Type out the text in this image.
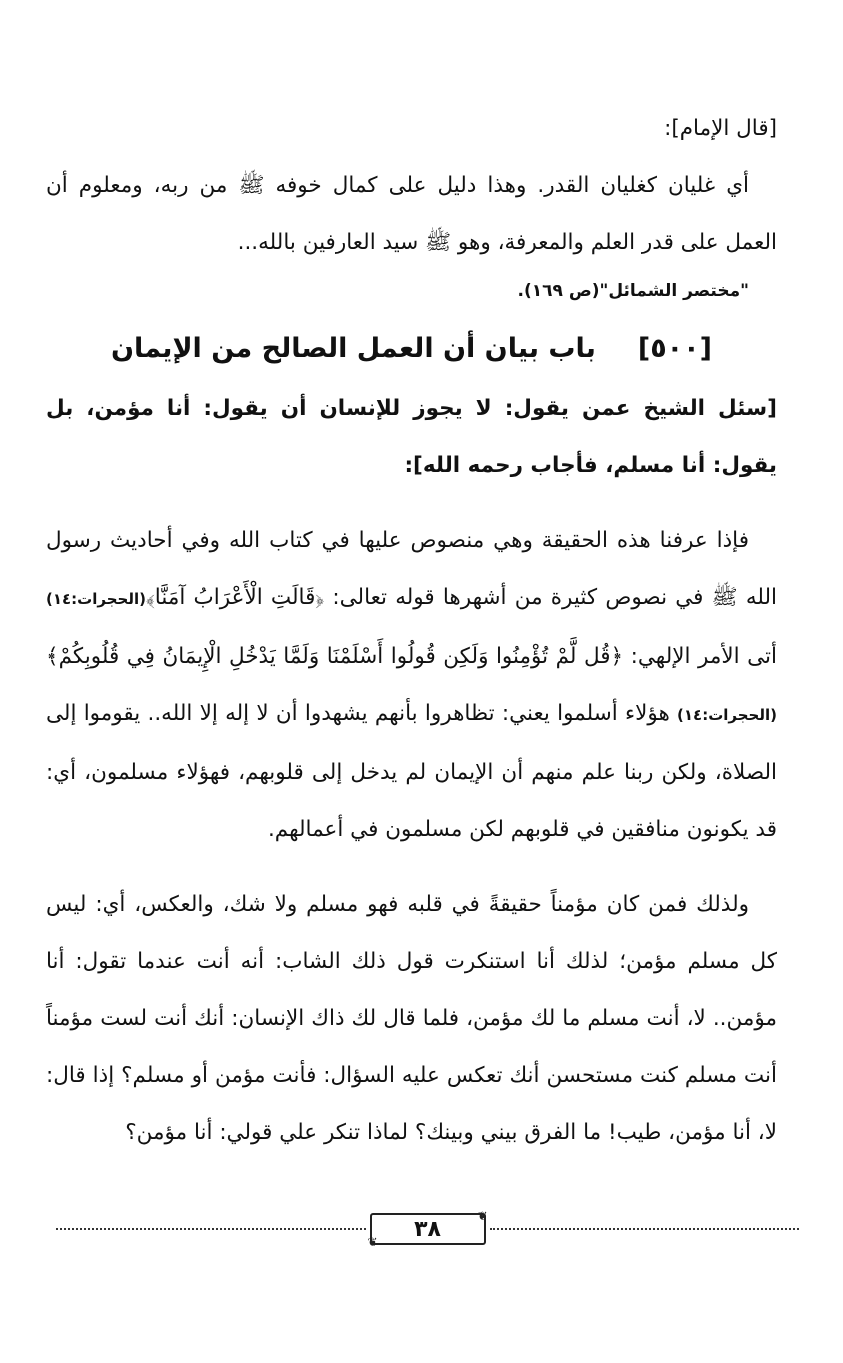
[قال الإمام]:

أي غليان كغليان القدر. وهذا دليل على كمال خوفه ﷺ من ربه، ومعلوم أن العمل على قدر العلم والمعرفة، وهو ﷺ سيد العارفين بالله...

"مختصر الشمائل"(ص ١٦٩).

[٥٠٠]
باب بيان أن العمل الصالح من الإيمان

[سئل الشيخ عمن يقول: لا يجوز للإنسان أن يقول: أنا مؤمن، بل يقول: أنا مسلم، فأجاب رحمه الله]:

فإذا عرفنا هذه الحقيقة وهي منصوص عليها في كتاب الله وفي أحاديث رسول الله ﷺ في نصوص كثيرة من أشهرها قوله تعالى: ﴿قَالَتِ الْأَعْرَابُ آمَنَّا﴾(الحجرات:١٤) أتى الأمر الإلهي: ﴿قُل لَّمْ تُؤْمِنُوا وَلَكِن قُولُوا أَسْلَمْنَا وَلَمَّا يَدْخُلِ الْإِيمَانُ فِي قُلُوبِكُمْ﴾(الحجرات:١٤) هؤلاء أسلموا يعني: تظاهروا بأنهم يشهدوا أن لا إله إلا الله.. يقوموا إلى الصلاة، ولكن ربنا علم منهم أن الإيمان لم يدخل إلى قلوبهم، فهؤلاء مسلمون، أي: قد يكونون منافقين في قلوبهم لكن مسلمون في أعمالهم.

ولذلك فمن كان مؤمناً حقيقةً في قلبه فهو مسلم ولا شك، والعكس، أي: ليس كل مسلم مؤمن؛ لذلك أنا استنكرت قول ذلك الشاب: أنه أنت عندما تقول: أنا مؤمن.. لا، أنت مسلم ما لك مؤمن، فلما قال لك ذاك الإنسان: أنك أنت لست مؤمناً أنت مسلم كنت مستحسن أنك تعكس عليه السؤال: فأنت مؤمن أو مسلم؟ إذا قال: لا، أنا مؤمن، طيب! ما الفرق بيني وبينك؟ لماذا تنكر علي قولي: أنا مؤمن؟

❦
٣٨
❦
